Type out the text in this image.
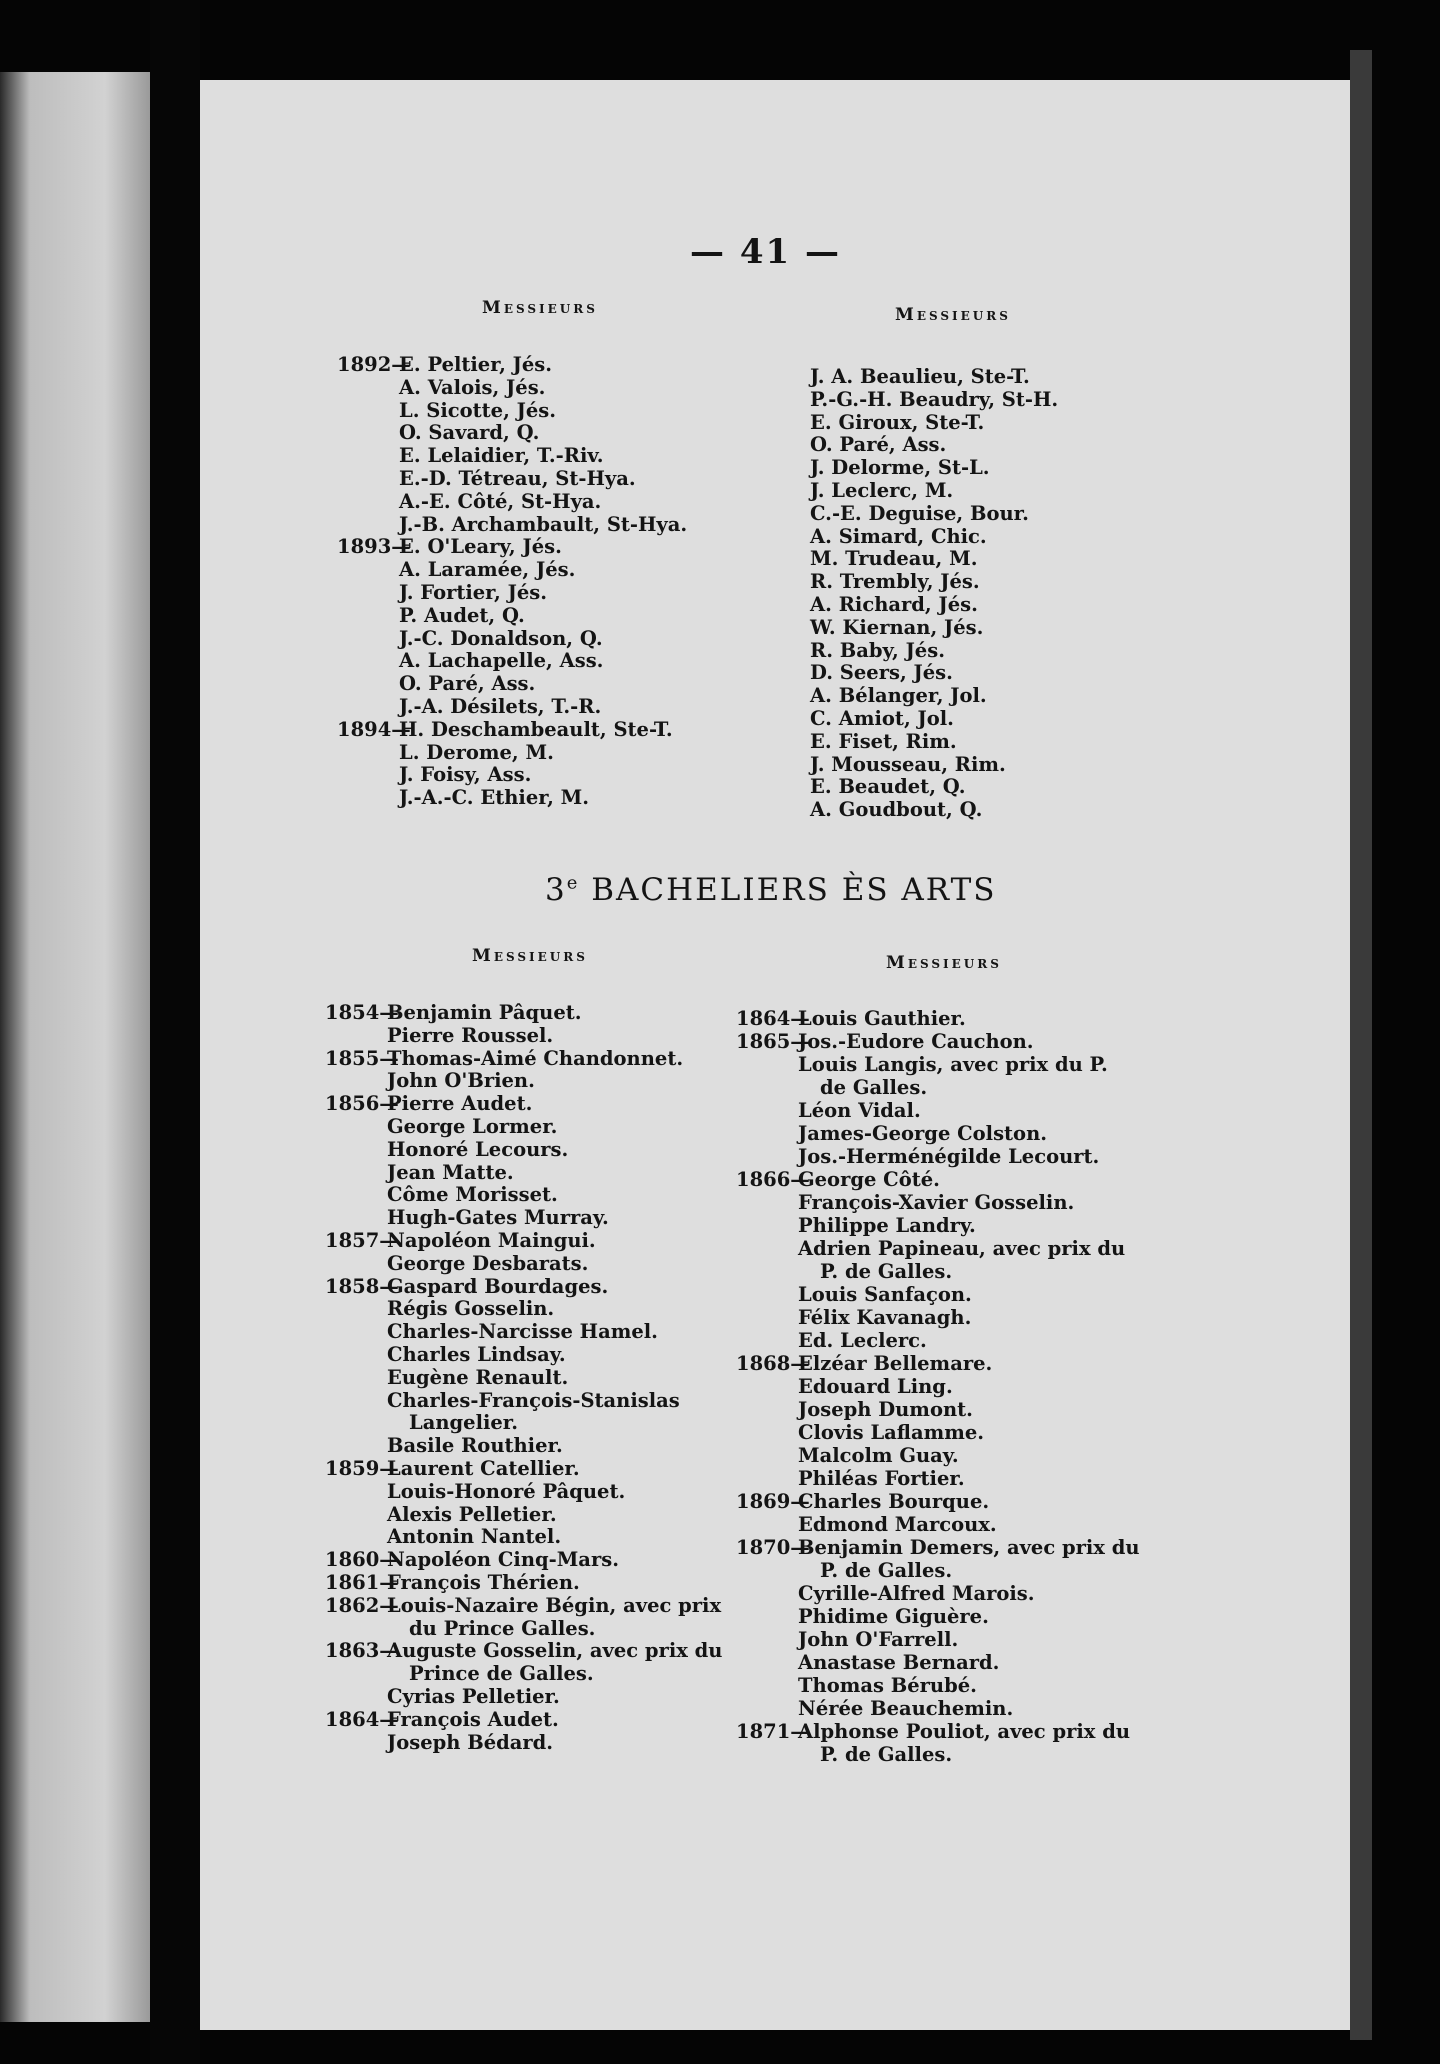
— 41 —
Messieurs	Messieurs
1892—E. Peltier, Jés.
A. Valois, Jés.
L. Sicotte, Jés.
O. Savard, Q.
E. Lelaidier, T.-Riv.
E.-D. Tétreau, St-Hya.
A.-E. Côté, St-Hya.
J.-B. Archambault, St-Hya.
1893—E. O'Leary, Jés.
A. Laramée, Jés.
J. Fortier, Jés.
P. Audet, Q.
J.-C. Donaldson, Q.
A. Lachapelle, Ass.
O. Paré, Ass.
J.-A. Désilets, T.-R.
1894—H. Deschambeault, Ste-T.
L. Derome, M.
J. Foisy, Ass.
J.-A.-C. Ethier, M.
J. A. Beaulieu, Ste-T.
P.-G.-H. Beaudry, St-H.
E. Giroux, Ste-T.
O. Paré, Ass.
J. Delorme, St-L.
J. Leclerc, M.
C.-E. Deguise, Bour.
A. Simard, Chic.
M. Trudeau, M.
R. Trembly, Jés.
A. Richard, Jés.
W. Kiernan, Jés.
R. Baby, Jés.
D. Seers, Jés.
A. Bélanger, Jol.
C. Amiot, Jol.
E. Fiset, Rim.
J. Mousseau, Rim.
E. Beaudet, Q.
A. Goudbout, Q.
3e BACHELIERS ÈS ARTS
Messieurs	Messieurs
1854—Benjamin Pâquet.
Pierre Roussel.
1855—Thomas-Aimé Chandonnet.
John O'Brien.
1856—Pierre Audet.
George Lormer.
Honoré Lecours.
Jean Matte.
Côme Morisset.
Hugh-Gates Murray.
1857—Napoléon Maingui.
George Desbarats.
1858—Gaspard Bourdages.
Régis Gosselin.
Charles-Narcisse Hamel.
Charles Lindsay.
Eugène Renault.
Charles-François-Stanislas
Langelier.
Basile Routhier.
1859—Laurent Catellier.
Louis-Honoré Pâquet.
Alexis Pelletier.
Antonin Nantel.
1860—Napoléon Cinq-Mars.
1861—François Thérien.
1862—Louis-Nazaire Bégin, avec prix
du Prince Galles.
1863—Auguste Gosselin, avec prix du
Prince de Galles.
Cyrias Pelletier.
1864—François Audet.
Joseph Bédard.
1864—Louis Gauthier.
1865—Jos.-Eudore Cauchon.
Louis Langis, avec prix du P.
de Galles.
Léon Vidal.
James-George Colston.
Jos.-Herménégilde Lecourt.
1866—George Côté.
François-Xavier Gosselin.
Philippe Landry.
Adrien Papineau, avec prix du
P. de Galles.
Louis Sanfaçon.
Félix Kavanagh.
Ed. Leclerc.
1868—Elzéar Bellemare.
Edouard Ling.
Joseph Dumont.
Clovis Laflamme.
Malcolm Guay.
Philéas Fortier.
1869—Charles Bourque.
Edmond Marcoux.
1870—Benjamin Demers, avec prix du
P. de Galles.
Cyrille-Alfred Marois.
Phidime Giguère.
John O'Farrell.
Anastase Bernard.
Thomas Bérubé.
Nérée Beauchemin.
1871—Alphonse Pouliot, avec prix du
P. de Galles.
